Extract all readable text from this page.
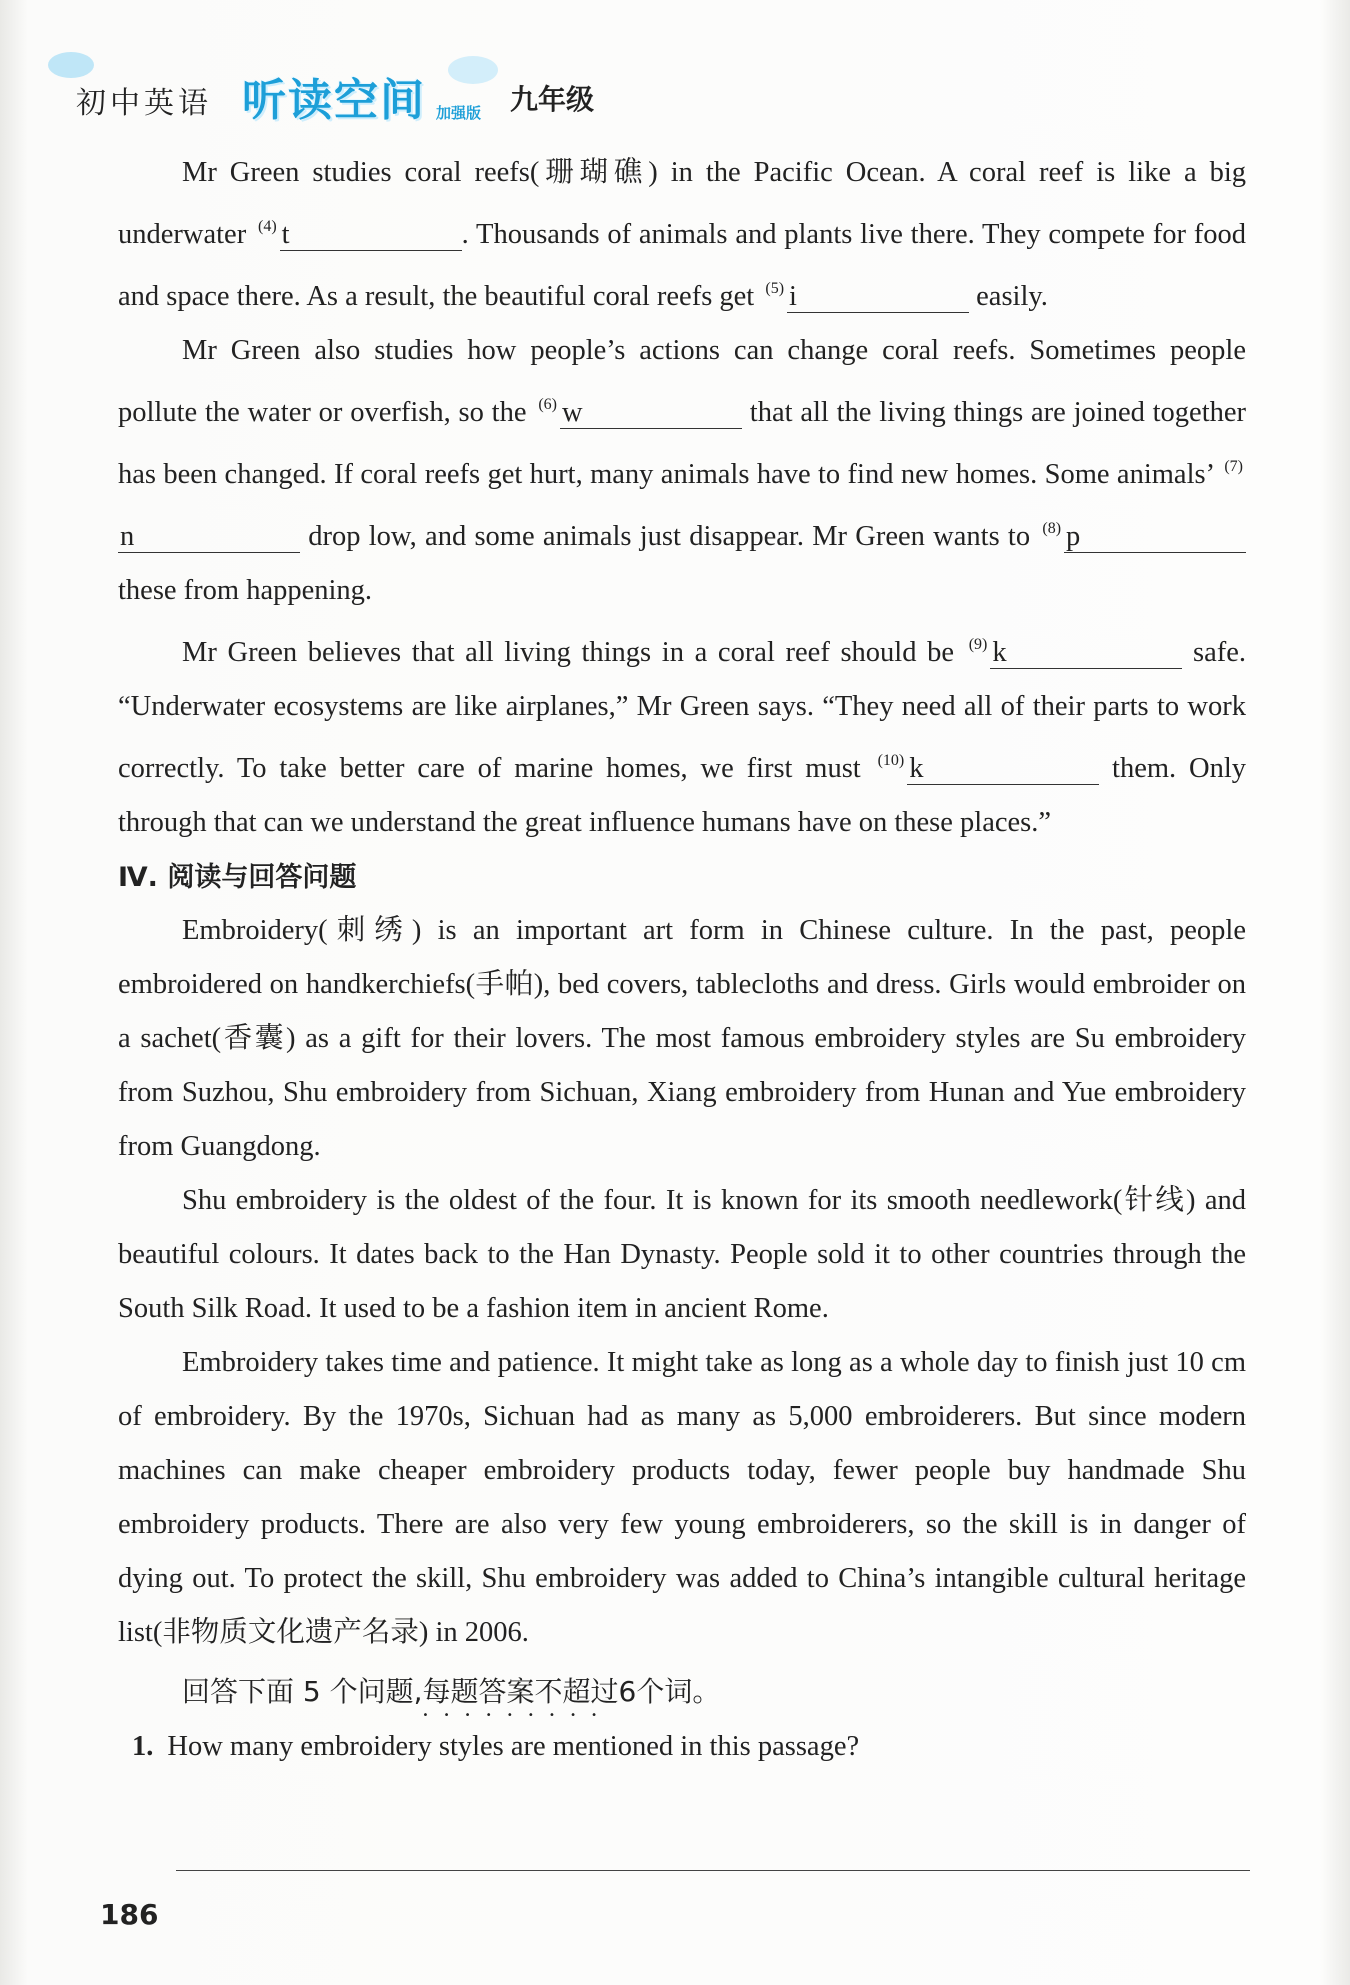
初中英语 听读空间 加强版 九年级

Mr Green studies coral reefs(珊瑚礁) in the Pacific Ocean. A coral reef is like a big underwater $^{(4)}$ t	. Thousands of animals and plants live there. They compete for food and space there. As a result, the beautiful coral reefs get $^{(5)}$ i	easily.

Mr Green also studies how people’s actions can change coral reefs. Sometimes people pollute the water or overfish, so the $^{(6)}$ w	that all the living things are joined together has been changed. If coral reefs get hurt, many animals have to find new homes. Some animals’ $^{(7)}$n	drop low, and some animals just disappear. Mr Green wants to $^{(8)}$ p these from happening.

Mr Green believes that all living things in a coral reef should be $^{(9)}$ k	safe. “Underwater ecosystems are like airplanes,” Mr Green says. “They need all of their parts to work correctly. To take better care of marine homes, we first must $^{(10)}$ k	them. Only through that can we understand the great influence humans have on these places.”

Ⅳ. 阅读与回答问题

Embroidery(刺绣) is an important art form in Chinese culture. In the past, people embroidered on handkerchiefs(手帕), bed covers, tablecloths and dress. Girls would embroider on a sachet(香囊) as a gift for their lovers. The most famous embroidery styles are Su embroidery from Suzhou, Shu embroidery from Sichuan, Xiang embroidery from Hunan and Yue embroidery from Guangdong.

Shu embroidery is the oldest of the four. It is known for its smooth needlework(针线) and beautiful colours. It dates back to the Han Dynasty. People sold it to other countries through the South Silk Road. It used to be a fashion item in ancient Rome.

Embroidery takes time and patience. It might take as long as a whole day to finish just 10 cm of embroidery. By the 1970s, Sichuan had as many as 5,000 embroiderers. But since modern machines can make cheaper embroidery products today, fewer people buy handmade Shu embroidery products. There are also very few young embroiderers, so the skill is in danger of dying out. To protect the skill, Shu embroidery was added to China’s intangible cultural heritage list(非物质文化遗产名录) in 2006.

回答下面 5 个问题,每题答案不超过6个词。 • • •

1. How many embroidery styles are mentioned in this passage?

186
